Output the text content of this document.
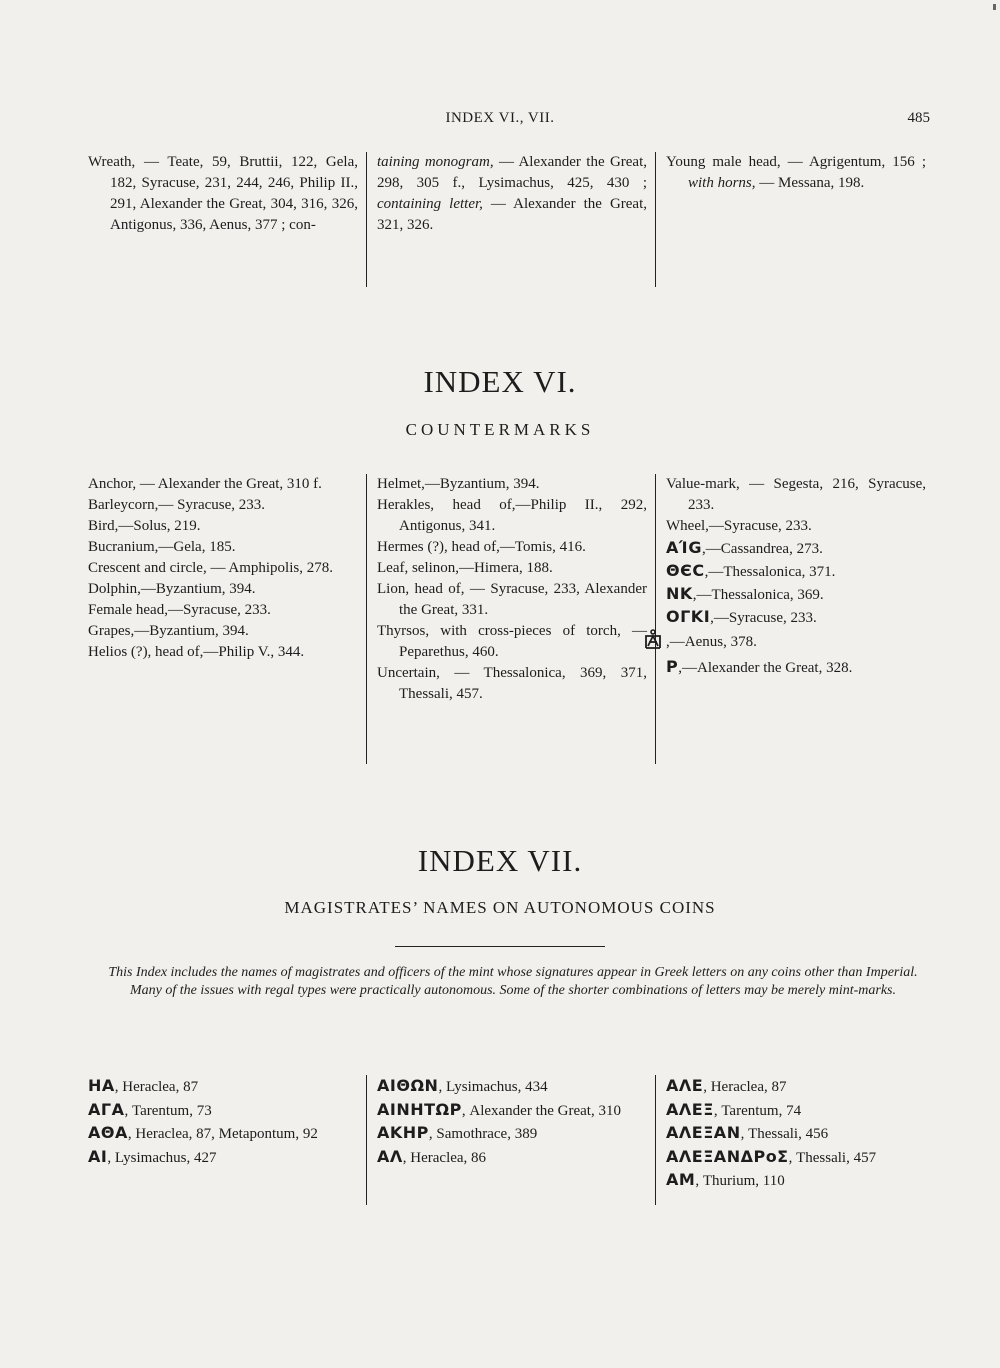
INDEX VI., VII.	485
Wreath, — Teate, 59, Bruttii, 122, Gela, 182, Syracuse, 231, 244, 246, Philip II., 291, Alexander the Great, 304, 316, 326, Antigonus, 336, Aenus, 377 ; con-
taining monogram, — Alexander the Great, 298, 305 f., Lysimachus, 425, 430 ; containing letter, — Alexander the Great, 321, 326.
Young male head, — Agrigentum, 156 ; with horns, — Messana, 198.
INDEX VI.
COUNTERMARKS
Anchor, — Alexander the Great, 310 f.
Barleycorn,— Syracuse, 233.
Bird,—Solus, 219.
Bucranium,—Gela, 185.
Crescent and circle, — Amphipolis, 278.
Dolphin,—Byzantium, 394.
Female head,—Syracuse, 233.
Grapes,—Byzantium, 394.
Helios (?), head of,—Philip V., 344.
Helmet,—Byzantium, 394.
Herakles, head of,—Philip II., 292, Antigonus, 341.
Hermes (?), head of,—Tomis, 416.
Leaf, selinon,—Himera, 188.
Lion, head of, — Syracuse, 233, Alexander the Great, 331.
Thyrsos, with cross-pieces of torch, —Peparethus, 460.
Uncertain, — Thessalonica, 369, 371, Thessali, 457.
Value-mark, — Segesta, 216, Syracuse, 233.
Wheel,—Syracuse, 233.
ΑΊG,—Cassandrea, 273.
ΘЄC,—Thessalonica, 371.
ΝΚ,—Thessalonica, 369.
ΟΓΚΙ,—Syracuse, 233.
,—Aenus, 378.
P,—Alexander the Great, 328.
INDEX VII.
MAGISTRATES’ NAMES ON AUTONOMOUS COINS
This Index includes the names of magistrates and officers of the mint whose signatures appear in Greek letters on any coins other than Imperial. Many of the issues with regal types were practically autonomous. Some of the shorter combinations of letters may be merely mint-marks.
ΗΑ, Heraclea, 87
ΑΓΑ, Tarentum, 73
ΑΘΑ, Heraclea, 87, Metapontum, 92
ΑΙ, Lysimachus, 427
ΑΙΘΩΝ, Lysimachus, 434
ΑΙΝΗΤΩΡ, Alexander the Great, 310
ΑΚΗΡ, Samothrace, 389
ΑΛ, Heraclea, 86
ΑΛΕ, Heraclea, 87
ΑΛΕΞ, Tarentum, 74
ΑΛΕΞΑΝ, Thessali, 456
ΑΛΕΞΑΝΔΡοΣ, Thessali, 457
ΑΜ, Thurium, 110
